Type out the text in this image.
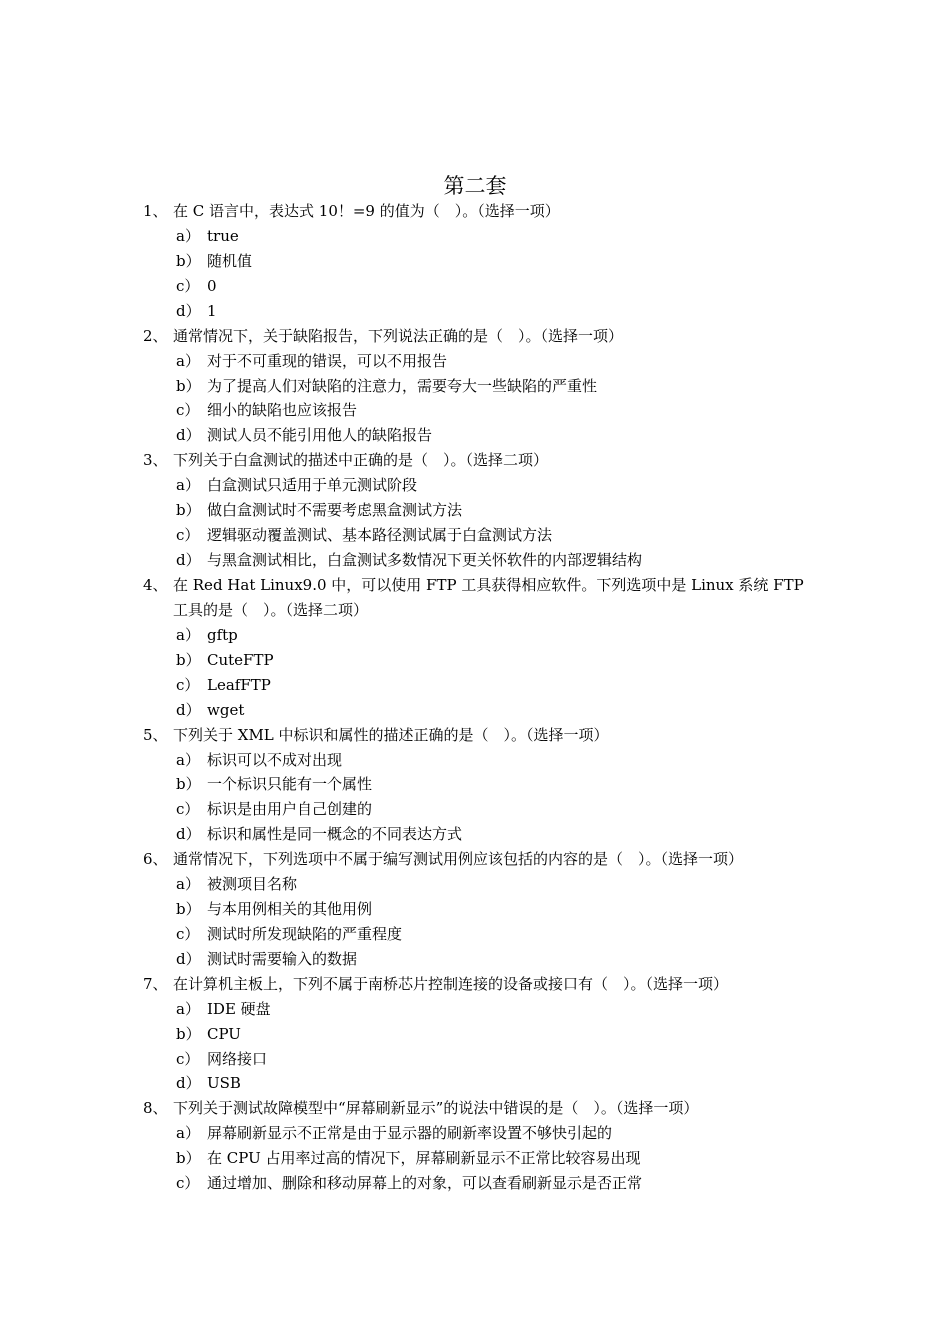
第二套
1、 在 C 语言中，表达式 10！=9 的值为（　）。（选择一项）
a） true
b） 随机值
c） 0
d） 1
2、 通常情况下，关于缺陷报告，下列说法正确的是（　）。（选择一项）
a） 对于不可重现的错误，可以不用报告
b） 为了提高人们对缺陷的注意力，需要夸大一些缺陷的严重性
c） 细小的缺陷也应该报告
d） 测试人员不能引用他人的缺陷报告
3、 下列关于白盒测试的描述中正确的是（　）。（选择二项）
a） 白盒测试只适用于单元测试阶段
b） 做白盒测试时不需要考虑黑盒测试方法
c） 逻辑驱动覆盖测试、基本路径测试属于白盒测试方法
d） 与黑盒测试相比，白盒测试多数情况下更关怀软件的内部逻辑结构
4、 在 Red Hat Linux9.0 中，可以使用 FTP 工具获得相应软件。下列选项中是 Linux 系统 FTP 工具的是（　）。（选择二项）
a） gftp
b） CuteFTP
c） LeafFTP
d） wget
5、 下列关于 XML 中标识和属性的描述正确的是（　）。（选择一项）
a） 标识可以不成对出现
b） 一个标识只能有一个属性
c） 标识是由用户自己创建的
d） 标识和属性是同一概念的不同表达方式
6、 通常情况下，下列选项中不属于编写测试用例应该包括的内容的是（　）。（选择一项）
a） 被测项目名称
b） 与本用例相关的其他用例
c） 测试时所发现缺陷的严重程度
d） 测试时需要输入的数据
7、 在计算机主板上，下列不属于南桥芯片控制连接的设备或接口有（　）。（选择一项）
a） IDE 硬盘
b） CPU
c） 网络接口
d） USB
8、 下列关于测试故障模型中“屏幕刷新显示”的说法中错误的是（　）。（选择一项）
a） 屏幕刷新显示不正常是由于显示器的刷新率设置不够快引起的
b） 在 CPU 占用率过高的情况下，屏幕刷新显示不正常比较容易出现
c） 通过增加、删除和移动屏幕上的对象，可以查看刷新显示是否正常
